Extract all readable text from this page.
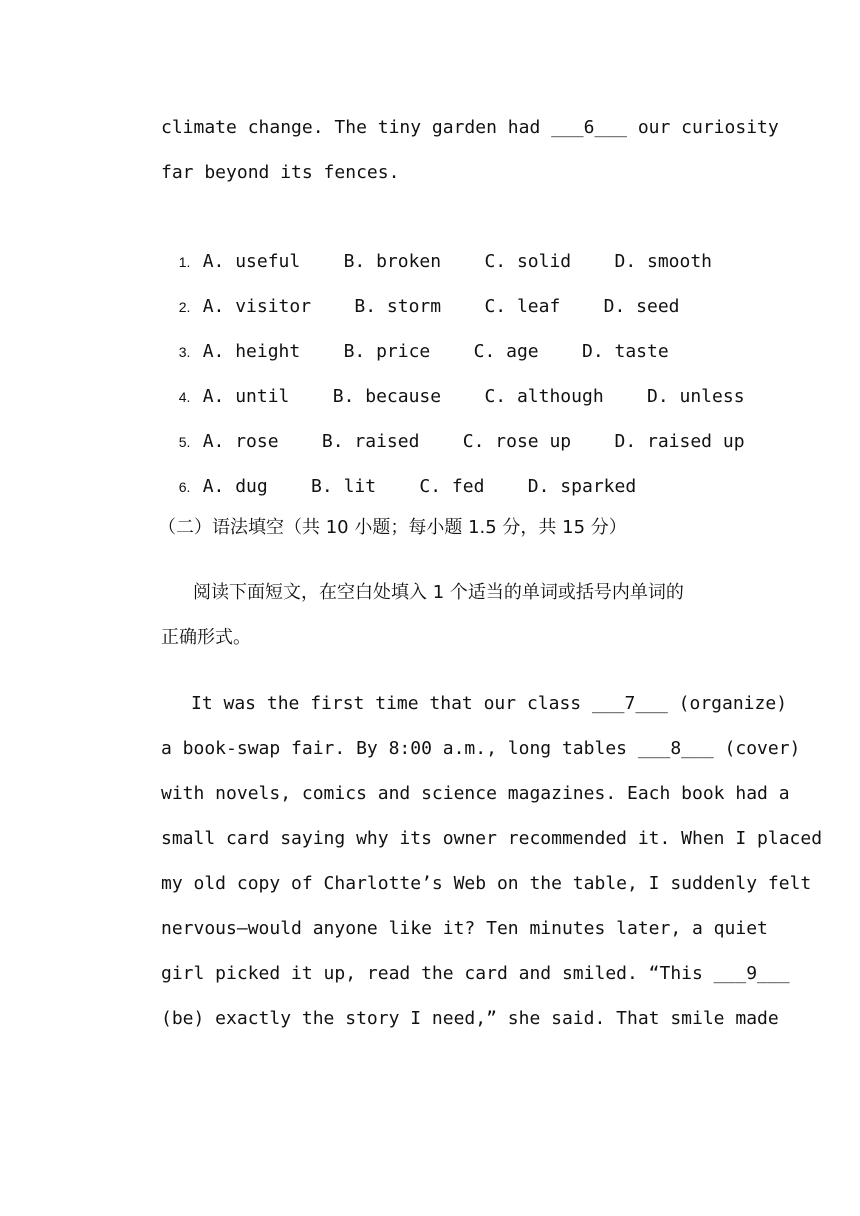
climate change. The tiny garden had ___6___ our curiosity
far beyond its fences.

1. A. useful    B. broken    C. solid    D. smooth

2. A. visitor    B. storm    C. leaf    D. seed

3. A. height    B. price    C. age    D. taste

4. A. until    B. because    C. although    D. unless

5. A. rose    B. raised    C. rose up    D. raised up

6. A. dug    B. lit    C. fed    D. sparked

（二）语法填空（共 10 小题；每小题 1.5 分，共 15 分）
阅读下面短文，在空白处填入 1 个适当的单词或括号内单词的
正确形式。
It was the first time that our class ___7___ (organize)
a book-swap fair. By 8:00 a.m., long tables ___8___ (cover)
with novels, comics and science magazines. Each book had a
small card saying why its owner recommended it. When I placed
my old copy of Charlotte’s Web on the table, I suddenly felt
nervous—would anyone like it? Ten minutes later, a quiet
girl picked it up, read the card and smiled. “This ___9___
(be) exactly the story I need,” she said. That smile made
